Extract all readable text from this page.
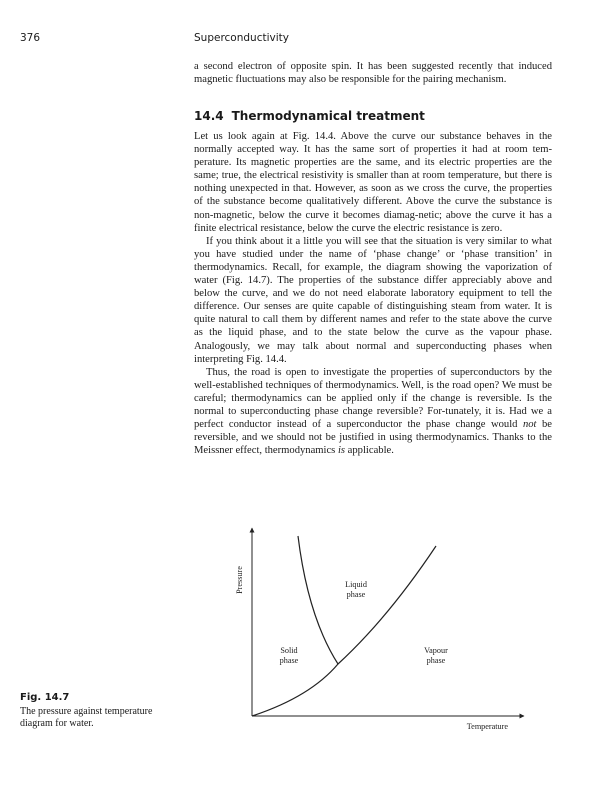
376	Superconductivity

a second electron of opposite spin. It has been suggested recently that induced magnetic fluctuations may also be responsible for the pairing mechanism.

14.4 Thermodynamical treatment

Let us look again at Fig. 14.4. Above the curve our substance behaves in the normally accepted way. It has the same sort of properties it had at room tem-perature. Its magnetic properties are the same, and its electric properties are the same; true, the electrical resistivity is smaller than at room temperature, but there is nothing unexpected in that. However, as soon as we cross the curve, the properties of the substance become qualitatively different. Above the curve the substance is non-magnetic, below the curve it becomes diamag-netic; above the curve it has a finite electrical resistance, below the curve the electric resistance is zero.

If you think about it a little you will see that the situation is very similar to what you have studied under the name of ‘phase change’ or ‘phase transition’ in thermodynamics. Recall, for example, the diagram showing the vaporization of water (Fig. 14.7). The properties of the substance differ appreciably above and below the curve, and we do not need elaborate laboratory equipment to tell the difference. Our senses are quite capable of distinguishing steam from water. It is quite natural to call them by different names and refer to the state above the curve as the liquid phase, and to the state below the curve as the vapour phase. Analogously, we may talk about normal and superconducting phases when interpreting Fig. 14.4.

Thus, the road is open to investigate the properties of superconductors by the well-established techniques of thermodynamics. Well, is the road open? We must be careful; thermodynamics can be applied only if the change is reversible. Is the normal to superconducting phase change reversible? For-tunately, it is. Had we a perfect conductor instead of a superconductor the phase change would not be reversible, and we should not be justified in using thermodynamics. Thanks to the Meissner effect, thermodynamics is applicable.

Pressure
Temperature
Liquid
phase
Solid
phase
Vapour
phase
Fig. 14.7
The pressure against temperature diagram for water.
